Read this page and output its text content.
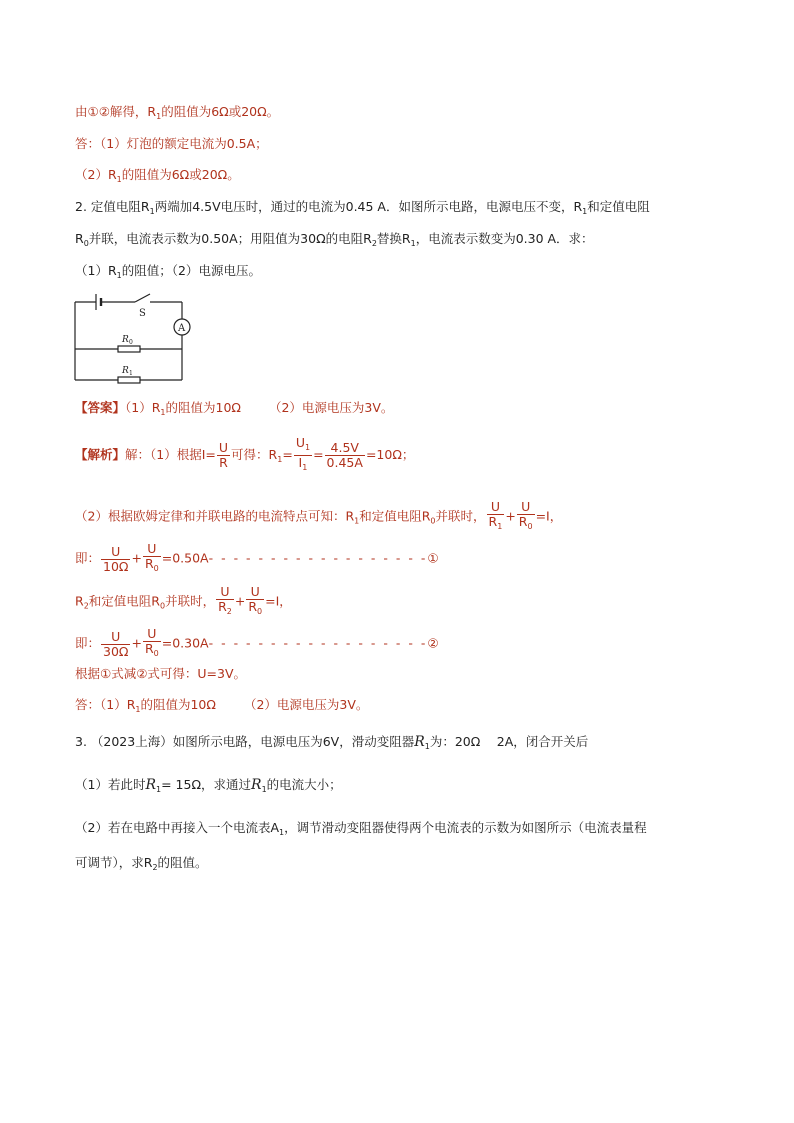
由①②解得，$R_1$的阻值为6Ω或20Ω。
答：（1）灯泡的额定电流为0.5A；
$(2)R_1$的阻值为6Ω或20Ω。
2. 定值电阻$R_1$两端加4.5V电压时，通过的电流为0.45 A．如图所示电路，电源电压不变，$R_1$和定值电阻
$R_0$并联，电流表示数为0.50A；用阻值为30Ω的电阻$R_2$替换$R_1$，电流表示数变为0.30 A．求：
$(1)R_1$的阻值；（2）电源电压。
S
A
R 0
R 1
【答案】$(1)R_1$的阻值为10Ω （2）电源电压为3V。
【解析】解：（1）根据$I= \frac{U}{R}$ 可得：$R_1= \frac{U_1}{I_1} = \frac{4.5V}{0.45A} =10\Omega$；
（2）根据欧姆定律和并联电路的电流特点可知：$R_1$和定值电阻$R_0$并联时， $\frac{U}{R_1} + \frac{U}{R_0} =I$，
即： $\frac{U}{10\Omega} + \frac{U}{R_0} =0.50A-$ - - - - - - - - - - - - - - - - -①
$R_2$和定值电阻$R_0$并联时， $\frac{U}{R_2} + \frac{U}{R_0} =I$，
即： $\frac{U}{30\Omega} + \frac{U}{R_0} =0.30A-$ - - - - - - - - - - - - - - - - -②
根据①式减②式可得：U=3V。
答：$(1)R_1$的阻值为10Ω （2）电源电压为3V。
3. （2023上海）如图所示电路，电源电压为6V，滑动变阻器$R_1$为：20Ω　 2A，闭合开关后
（1）若此时$R_1= 15\Omega$，求通过$R_1$的电流大小；
（2）若在电路中再接入一个电流表$A_1$，调节滑动变阻器使得两个电流表的示数为如图所示（电流表量程
可调节），求$R_2$的阻值。
